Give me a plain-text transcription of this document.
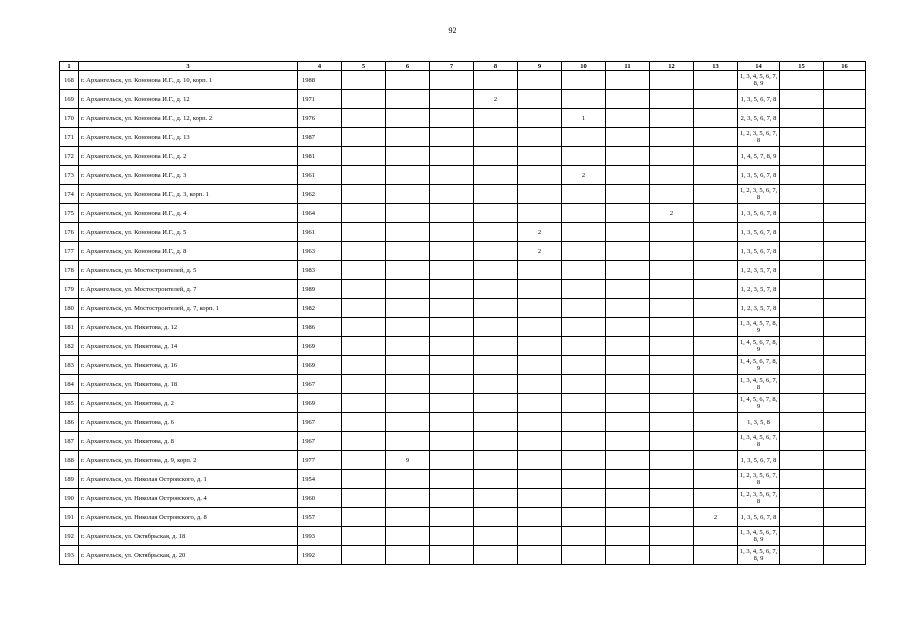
92
1	3	4	5	6	7	8	9	10	11	12	13	14	15	16
168	г. Архангельск, ул. Кононова И.Г., д. 10, корп. 1	1988										1, 3, 4, 5, 6, 7, 8, 9		
169	г. Архангельск, ул. Кононова И.Г., д. 12	1971				2						1, 3, 5, 6, 7, 8		
170	г. Архангельск, ул. Кононова И.Г., д. 12, корп. 2	1976						1				2, 3, 5, 6, 7, 8		
171	г. Архангельск, ул. Кононова И.Г., д. 13	1987										1, 2, 3, 5, 6, 7, 8		
172	г. Архангельск, ул. Кононова И.Г., д. 2	1981										1, 4, 5, 7, 8, 9		
173	г. Архангельск, ул. Кононова И.Г., д. 3	1961						2				1, 3, 5, 6, 7, 8		
174	г. Архангельск, ул. Кононова И.Г., д. 3, корп. 1	1962										1, 2, 3, 5, 6, 7, 8		
175	г. Архангельск, ул. Кононова И.Г., д. 4	1964								2		1, 3, 5, 6, 7, 8		
176	г. Архангельск, ул. Кононова И.Г., д. 5	1961					2					1, 3, 5, 6, 7, 8		
177	г. Архангельск, ул. Кононова И.Г., д. 8	1963					2					1, 3, 5, 6, 7, 8		
178	г. Архангельск, ул. Мостостроителей, д. 5	1983										1, 2, 3, 5, 7, 8		
179	г. Архангельск, ул. Мостостроителей, д. 7	1989										1, 2, 3, 5, 7, 8		
180	г. Архангельск, ул. Мостостроителей, д. 7, корп. 1	1982										1, 2, 3, 5, 7, 8		
181	г. Архангельск, ул. Никитова, д. 12	1986										1, 3, 4, 5, 7, 8, 9		
182	г. Архангельск, ул. Никитова, д. 14	1969										1, 4, 5, 6, 7, 8, 9		
183	г. Архангельск, ул. Никитова, д. 16	1969										1, 4, 5, 6, 7, 8, 9		
184	г. Архангельск, ул. Никитова, д. 18	1967										1, 3, 4, 5, 6, 7, 8		
185	г. Архангельск, ул. Никитова, д. 2	1969										1, 4, 5, 6, 7, 8, 9		
186	г. Архангельск, ул. Никитова, д. 6	1967										1, 3, 5, 8		
187	г. Архангельск, ул. Никитова, д. 8	1967										1, 3, 4, 5, 6, 7, 8		
188	г. Архангельск, ул. Никитова, д. 9, корп. 2	1977		9								1, 3, 5, 6, 7, 8		
189	г. Архангельск, ул. Николая Островского, д. 1	1954										1, 2, 3, 5, 6, 7, 8		
190	г. Архангельск, ул. Николая Островского, д. 4	1960										1, 2, 3, 5, 6, 7, 8		
191	г. Архангельск, ул. Николая Островского, д. 8	1957									2	1, 3, 5, 6, 7, 8		
192	г. Архангельск, ул. Октябрьская, д. 18	1993										1, 3, 4, 5, 6, 7, 8, 9		
193	г. Архангельск, ул. Октябрьская, д. 20	1992										1, 3, 4, 5, 6, 7, 8, 9		
